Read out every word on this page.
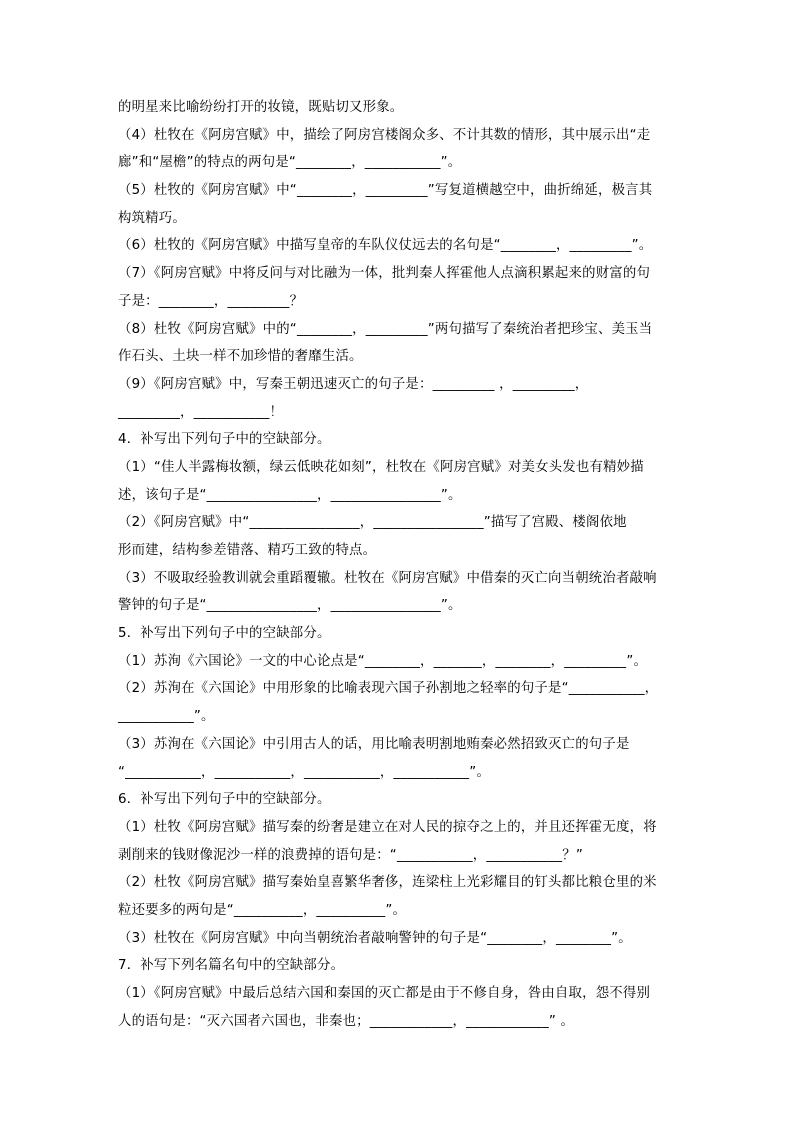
的明星来比喻纷纷打开的妆镜，既贴切又形象。
（4）杜牧在《阿房宫赋》中，描绘了阿房宫楼阁众多、不计其数的情形，其中展示出“走
廊”和“屋檐”的特点的两句是“________，___________”。
（5）杜牧的《阿房宫赋》中“________，_________”写复道横越空中，曲折绵延，极言其
构筑精巧。
（6）杜牧的《阿房宫赋》中描写皇帝的车队仪仗远去的名句是“________，_________”。
（7）《阿房宫赋》中将反问与对比融为一体，批判秦人挥霍他人点滴积累起来的财富的句
子是：________，_________？
（8）杜牧《阿房宫赋》中的“________，_________”两句描写了秦统治者把珍宝、美玉当
作石头、土块一样不加珍惜的奢靡生活。
（9）《阿房宫赋》中，写秦王朝迅速灭亡的句子是：_________ ，_________，
_________，___________！
4．补写出下列句子中的空缺部分。
（1）“佳人半露梅妆额，绿云低映花如刻”，杜牧在《阿房宫赋》对美女头发也有精妙描
述，该句子是“________________，________________”。
（2）《阿房宫赋》中“________________，________________”描写了宫殿、楼阁依地
形而建，结构参差错落、精巧工致的特点。
（3）不吸取经验教训就会重蹈覆辙。杜牧在《阿房宫赋》中借秦的灭亡向当朝统治者敲响
警钟的句子是“________________，________________”。
5．补写出下列句子中的空缺部分。
（1）苏洵《六国论》一文的中心论点是“________，_______，________，_________”。
（2）苏洵在《六国论》中用形象的比喻表现六国子孙割地之轻率的句子是“___________，
___________”。
（3）苏洵在《六国论》中引用古人的话，用比喻表明割地贿秦必然招致灭亡的句子是
“___________，___________，___________，___________”。
6．补写出下列句子中的空缺部分。
（1）杜牧《阿房宫赋》描写秦的纷奢是建立在对人民的掠夺之上的，并且还挥霍无度，将
剥削来的钱财像泥沙一样的浪费掉的语句是：“___________，___________？”
（2）杜牧《阿房宫赋》描写秦始皇喜繁华奢侈，连梁柱上光彩耀目的钉头都比粮仓里的米
粒还要多的两句是“__________，__________”。
（3）杜牧在《阿房宫赋》中向当朝统治者敲响警钟的句子是“________，________”。
7．补写下列名篇名句中的空缺部分。
（1）《阿房宫赋》中最后总结六国和秦国的灭亡都是由于不修自身，咎由自取，怨不得别
人的语句是：“灭六国者六国也，非秦也；____________，____________” 。
